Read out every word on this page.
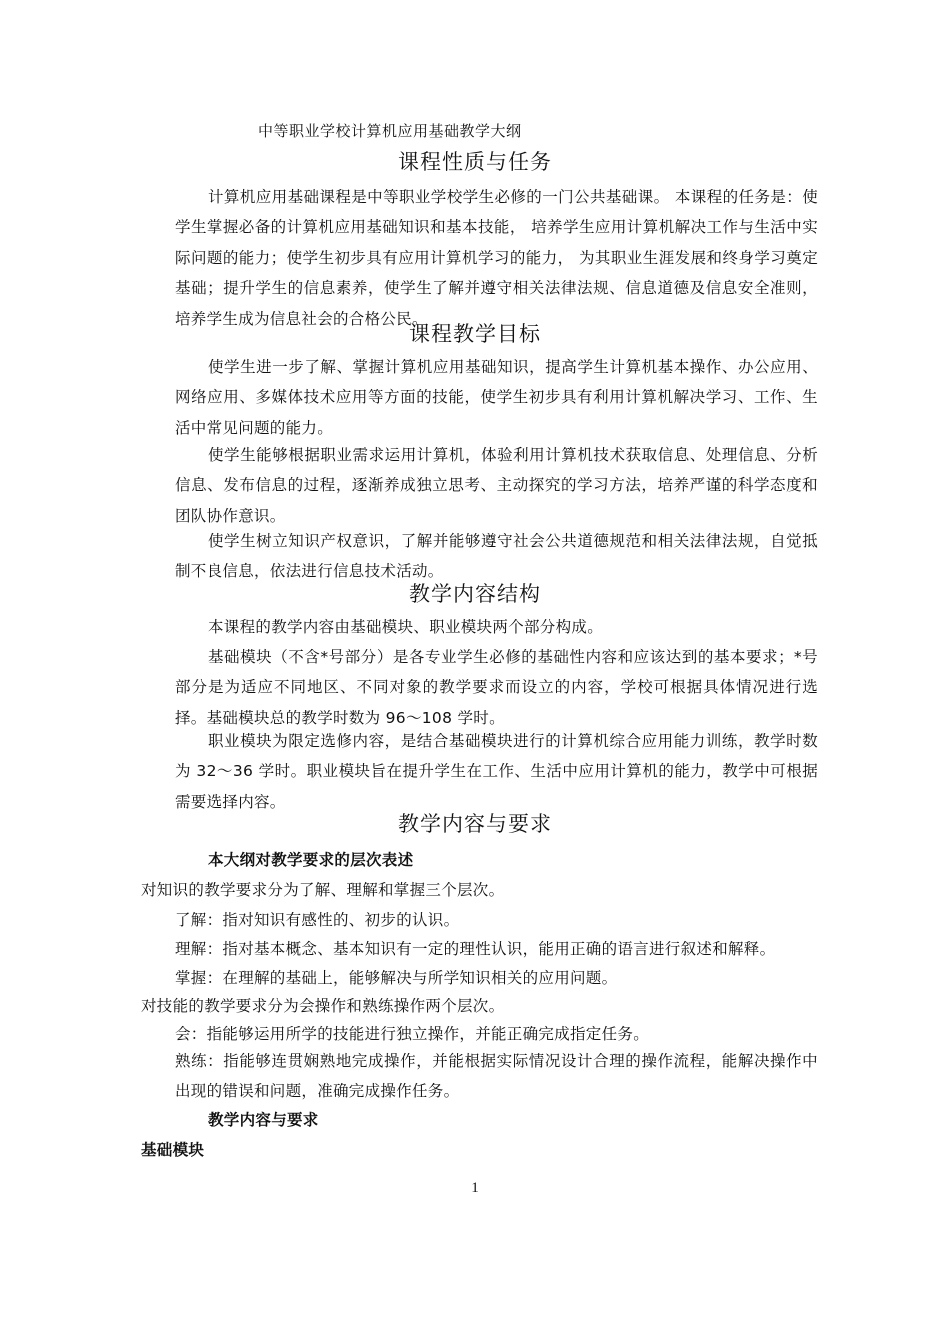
中等职业学校计算机应用基础教学大纲
课程性质与任务

计算机应用基础课程是中等职业学校学生必修的一门公共基础课。 本课程的任务是：使学生掌握必备的计算机应用基础知识和基本技能， 培养学生应用计算机解决工作与生活中实际问题的能力；使学生初步具有应用计算机学习的能力， 为其职业生涯发展和终身学习奠定基础；提升学生的信息素养，使学生了解并遵守相关法律法规、信息道德及信息安全准则，培养学生成为信息社会的合格公民。

课程教学目标

使学生进一步了解、掌握计算机应用基础知识，提高学生计算机基本操作、办公应用、网络应用、多媒体技术应用等方面的技能，使学生初步具有利用计算机解决学习、工作、生活中常见问题的能力。

使学生能够根据职业需求运用计算机，体验利用计算机技术获取信息、处理信息、分析信息、发布信息的过程，逐渐养成独立思考、主动探究的学习方法，培养严谨的科学态度和团队协作意识。

使学生树立知识产权意识，了解并能够遵守社会公共道德规范和相关法律法规，自觉抵制不良信息，依法进行信息技术活动。

教学内容结构

本课程的教学内容由基础模块、职业模块两个部分构成。

基础模块（不含*号部分）是各专业学生必修的基础性内容和应该达到的基本要求；*号部分是为适应不同地区、不同对象的教学要求而设立的内容，学校可根据具体情况进行选择。基础模块总的教学时数为 96～108 学时。

职业模块为限定选修内容，是结合基础模块进行的计算机综合应用能力训练，教学时数为 32～36 学时。职业模块旨在提升学生在工作、生活中应用计算机的能力，教学中可根据需要选择内容。

教学内容与要求
本大纲对教学要求的层次表述
对知识的教学要求分为了解、理解和掌握三个层次。
了解：指对知识有感性的、初步的认识。
理解：指对基本概念、基本知识有一定的理性认识，能用正确的语言进行叙述和解释。
掌握：在理解的基础上，能够解决与所学知识相关的应用问题。
对技能的教学要求分为会操作和熟练操作两个层次。
会：指能够运用所学的技能进行独立操作，并能正确完成指定任务。

熟练：指能够连贯娴熟地完成操作，并能根据实际情况设计合理的操作流程，能解决操作中出现的错误和问题，准确完成操作任务。

教学内容与要求
基础模块
1
